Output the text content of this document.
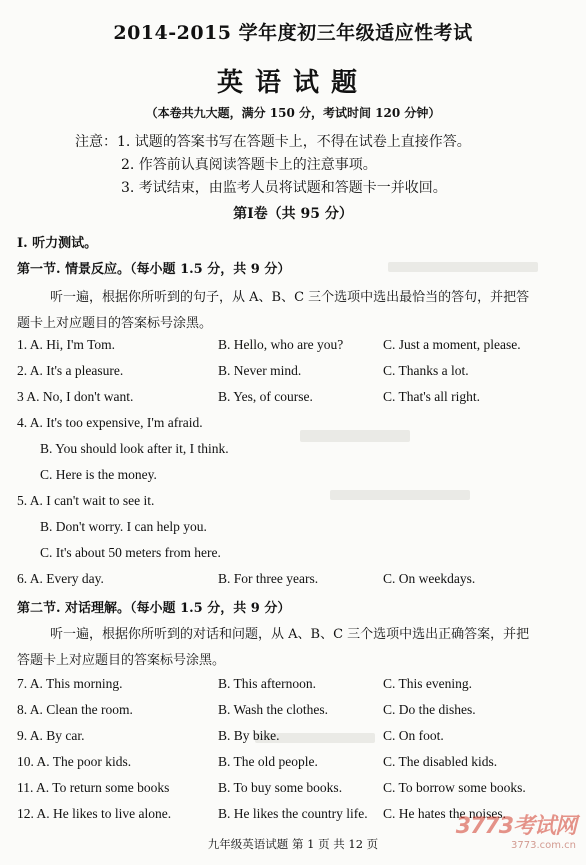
2014-2015 学年度初三年级适应性考试
英语试题
（本卷共九大题，满分 150 分，考试时间 120 分钟）
注意：1. 试题的答案书写在答题卡上，不得在试卷上直接作答。
2. 作答前认真阅读答题卡上的注意事项。
3. 考试结束，由监考人员将试题和答题卡一并收回。
第Ⅰ卷（共 95 分）
I. 听力测试。
第一节. 情景反应。（每小题 1.5 分，共 9 分）
听一遍，根据你所听到的句子，从 A、B、C 三个选项中选出最恰当的答句，并把答
题卡上对应题目的答案标号涂黑。
1. A. Hi, I'm Tom.	B. Hello, who are you?	C. Just a moment, please.
2. A. It's a pleasure.	B. Never mind.	C. Thanks a lot.
3 A. No, I don't want.	B. Yes, of course.	C. That's all right.
4. A. It's too expensive, I'm afraid.
B. You should look after it, I think.
C. Here is the money.
5. A. I can't wait to see it.
B. Don't worry. I can help you.
C. It's about 50 meters from here.
6. A. Every day.	B. For three years.	C. On weekdays.
第二节. 对话理解。（每小题 1.5 分，共 9 分）
听一遍，根据你所听到的对话和问题，从 A、B、C 三个选项中选出正确答案，并把
答题卡上对应题目的答案标号涂黑。
7. A. This morning.	B. This afternoon.	C. This evening.
8. A. Clean the room.	B. Wash the clothes.	C. Do the dishes.
9. A. By car.	B. By bike.	C. On foot.
10. A. The poor kids.	B. The old people.	C. The disabled kids.
11. A. To return some books	B. To buy some books.	C. To borrow some books.
12. A. He likes to live alone.	B. He likes the country life. C. He hates the noises.
九年级英语试题 第 1 页 共 12 页
3773考试网
3773.com.cn
